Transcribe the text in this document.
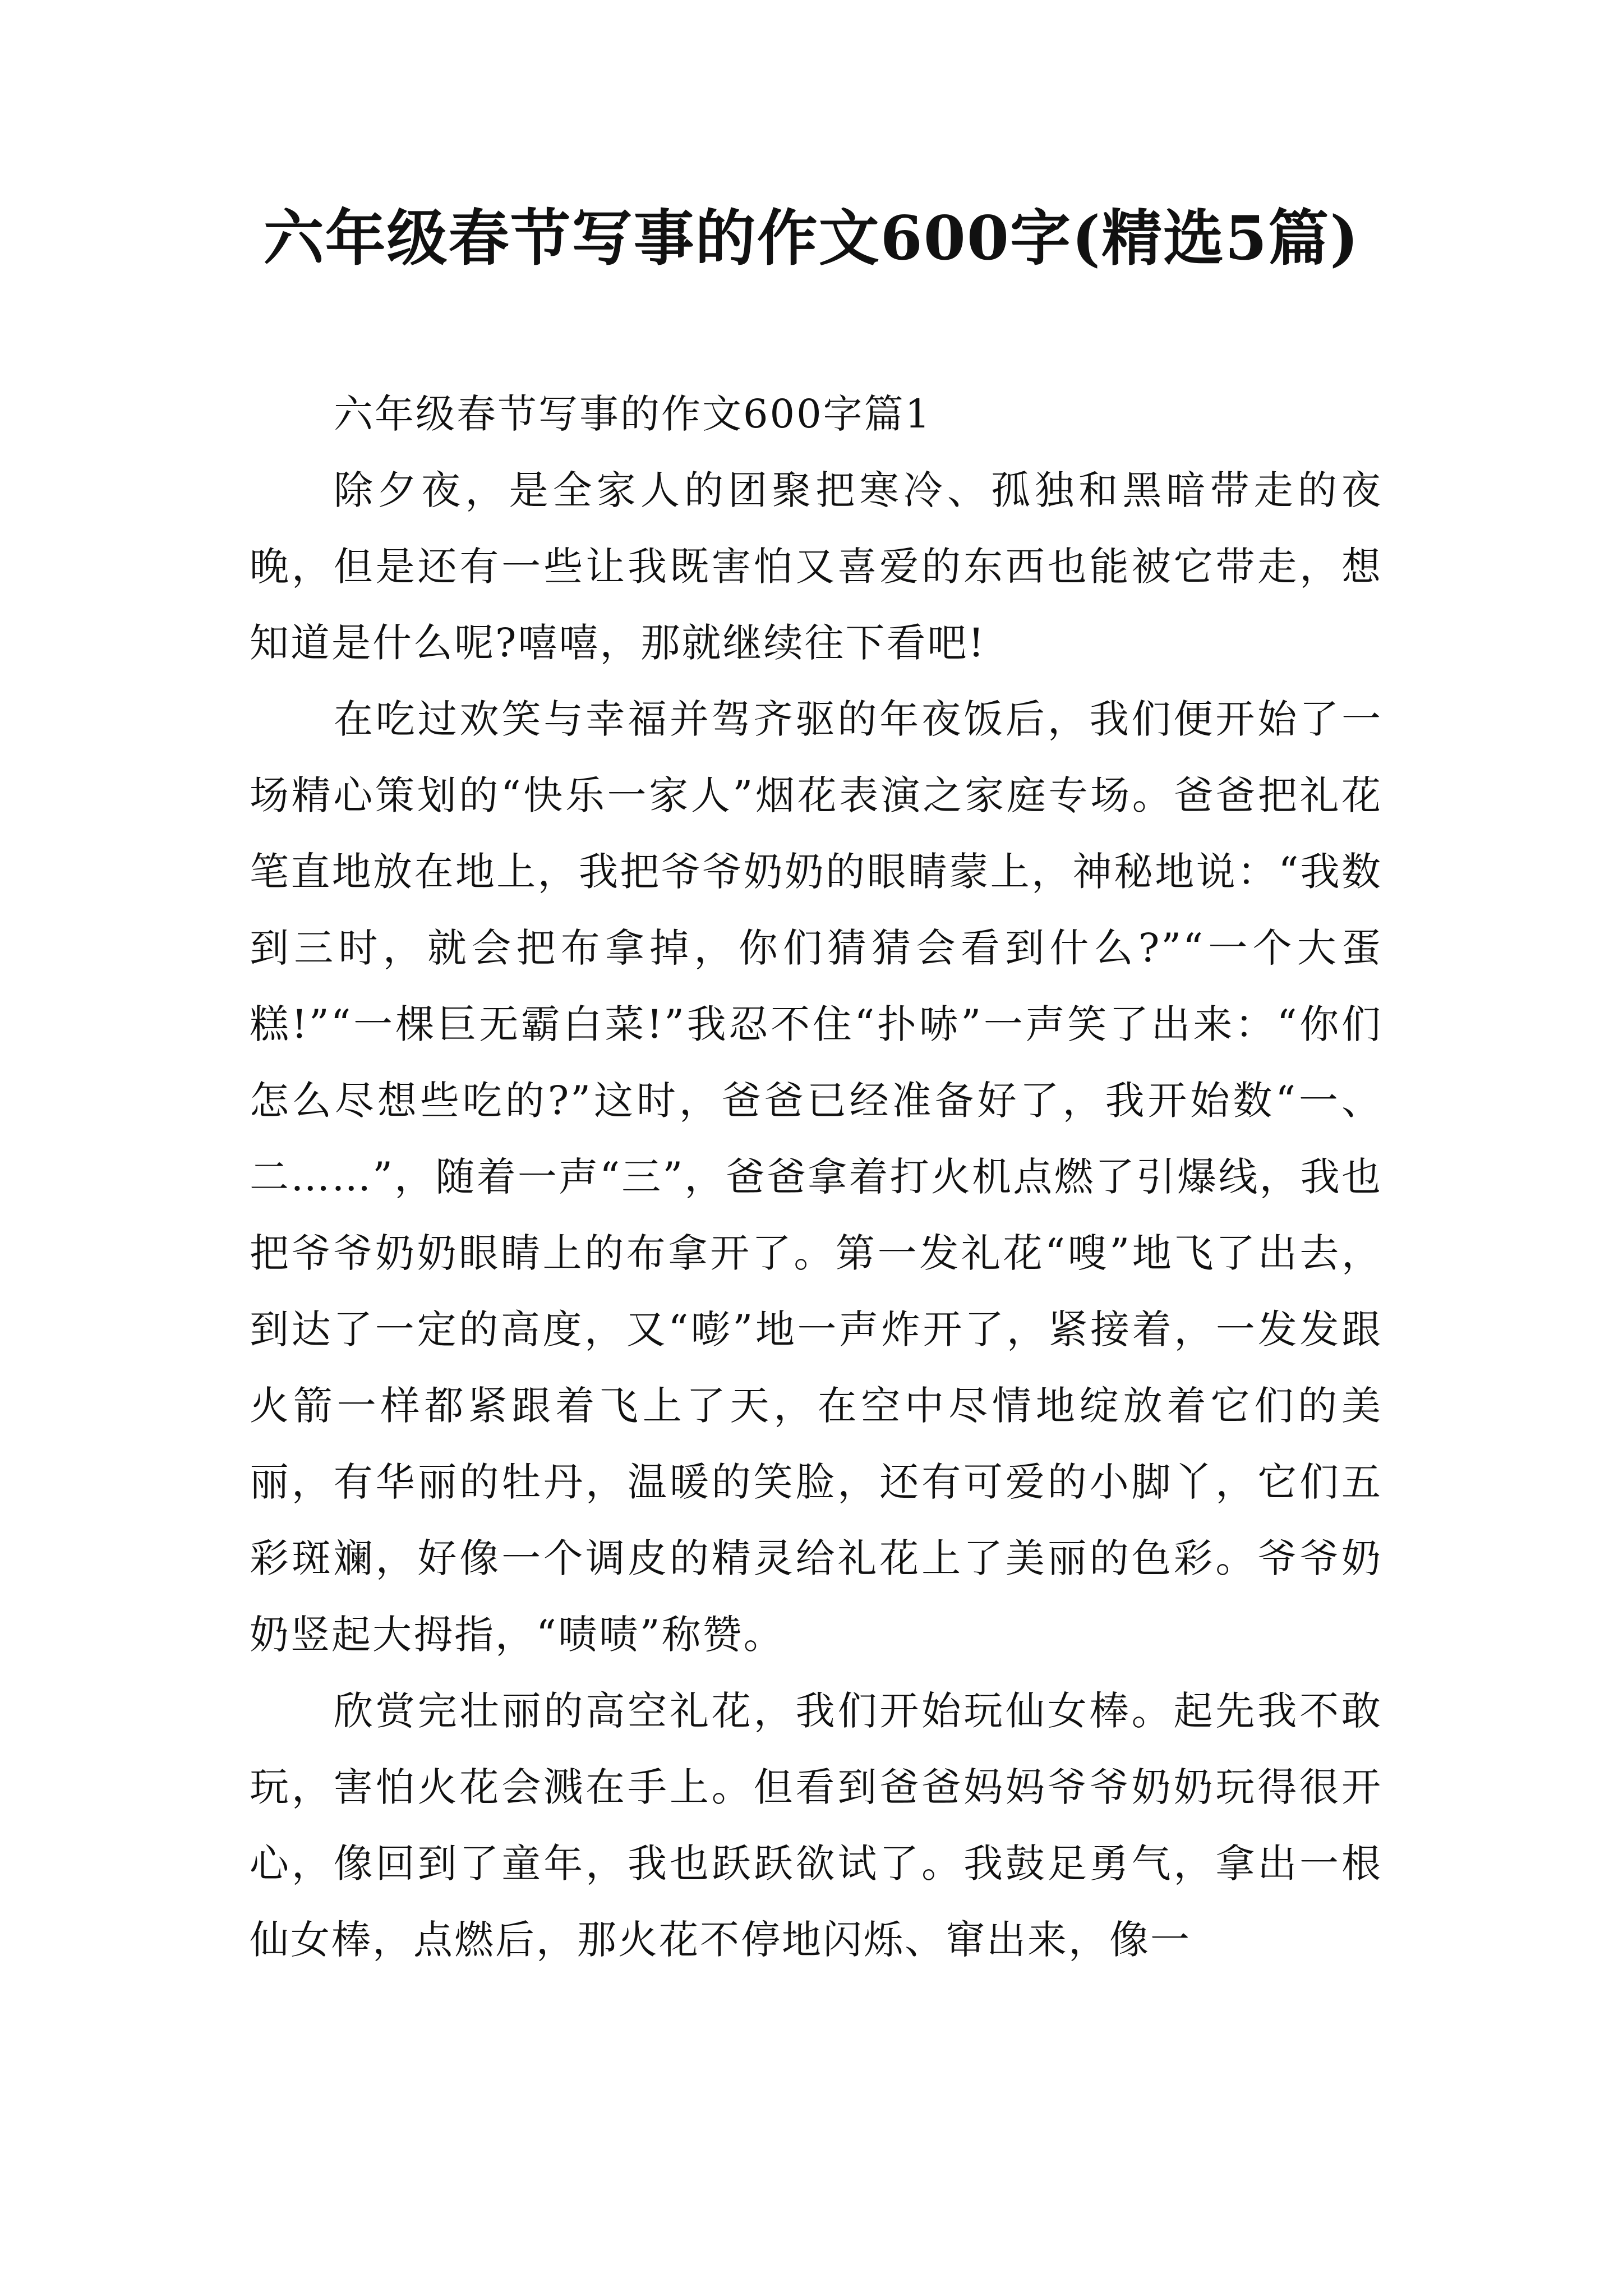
六年级春节写事的作文600字(精选5篇)
六年级春节写事的作文600字篇1

除夕夜，是全家人的团聚把寒冷、孤独和黑暗带走的夜晚，但是还有一些让我既害怕又喜爱的东西也能被它带走，想知道是什么呢?嘻嘻，那就继续往下看吧!

在吃过欢笑与幸福并驾齐驱的年夜饭后，我们便开始了一场精心策划的“快乐一家人”烟花表演之家庭专场。爸爸把礼花笔直地放在地上，我把爷爷奶奶的眼睛蒙上，神秘地说：“我数到三时，就会把布拿掉，你们猜猜会看到什么?”“一个大蛋糕!”“一棵巨无霸白菜!”我忍不住“扑哧”一声笑了出来：“你们怎么尽想些吃的?”这时，爸爸已经准备好了，我开始数“一、二……”，随着一声“三”，爸爸拿着打火机点燃了引爆线，我也把爷爷奶奶眼睛上的布拿开了。第一发礼花“嗖”地飞了出去，到达了一定的高度，又“嘭”地一声炸开了，紧接着，一发发跟火箭一样都紧跟着飞上了天，在空中尽情地绽放着它们的美丽，有华丽的牡丹，温暖的笑脸，还有可爱的小脚丫，它们五彩斑斓，好像一个调皮的精灵给礼花上了美丽的色彩。爷爷奶奶竖起大拇指，“啧啧”称赞。

欣赏完壮丽的高空礼花，我们开始玩仙女棒。起先我不敢玩，害怕火花会溅在手上。但看到爸爸妈妈爷爷奶奶玩得很开心，像回到了童年，我也跃跃欲试了。我鼓足勇气，拿出一根仙女棒，点燃后，那火花不停地闪烁、窜出来，像一
